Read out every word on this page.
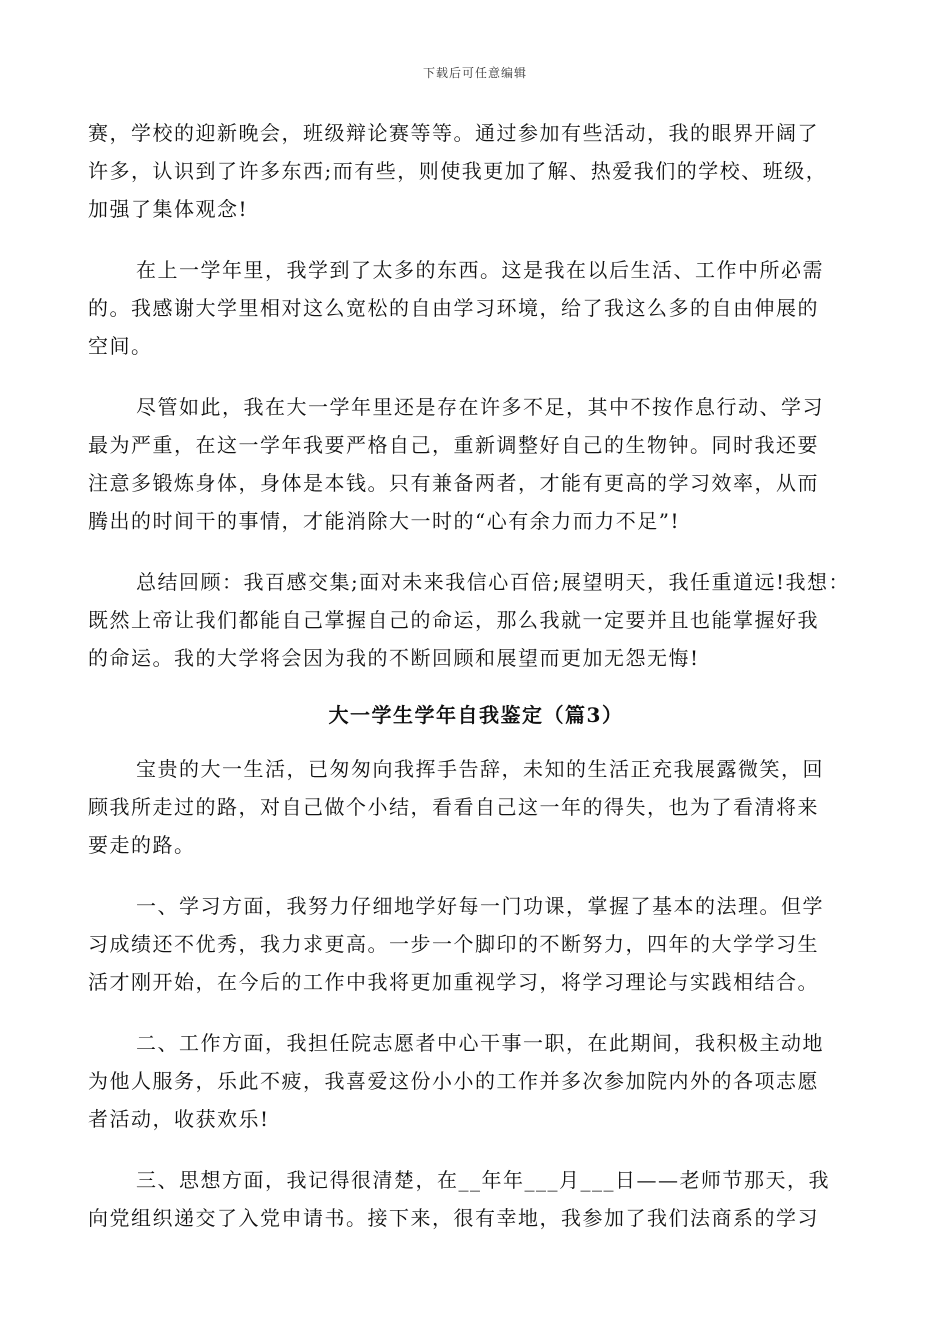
下载后可任意编辑
赛，学校的迎新晚会，班级辩论赛等等。通过参加有些活动，我的眼界开阔了
许多，认识到了许多东西;而有些，则使我更加了解、热爱我们的学校、班级，
加强了集体观念!
在上一学年里，我学到了太多的东西。这是我在以后生活、工作中所必需
的。我感谢大学里相对这么宽松的自由学习环境，给了我这么多的自由伸展的
空间。
尽管如此，我在大一学年里还是存在许多不足，其中不按作息行动、学习
最为严重，在这一学年我要严格自己，重新调整好自己的生物钟。同时我还要
注意多锻炼身体，身体是本钱。只有兼备两者，才能有更高的学习效率，从而
腾出的时间干的事情，才能消除大一时的“心有余力而力不足”!
总结回顾：我百感交集;面对未来我信心百倍;展望明天，我任重道远!我想：
既然上帝让我们都能自己掌握自己的命运，那么我就一定要并且也能掌握好我
的命运。我的大学将会因为我的不断回顾和展望而更加无怨无悔!
大一学生学年自我鉴定（篇3）
宝贵的大一生活，已匆匆向我挥手告辞，未知的生活正充我展露微笑，回
顾我所走过的路，对自己做个小结，看看自己这一年的得失，也为了看清将来
要走的路。
一、学习方面，我努力仔细地学好每一门功课，掌握了基本的法理。但学
习成绩还不优秀，我力求更高。一步一个脚印的不断努力，四年的大学学习生
活才刚开始，在今后的工作中我将更加重视学习，将学习理论与实践相结合。
二、工作方面，我担任院志愿者中心干事一职，在此期间，我积极主动地
为他人服务，乐此不疲，我喜爱这份小小的工作并多次参加院内外的各项志愿
者活动，收获欢乐!
三、思想方面，我记得很清楚，在__年年___月___日——老师节那天，我
向党组织递交了入党申请书。接下来，很有幸地，我参加了我们法商系的学习
